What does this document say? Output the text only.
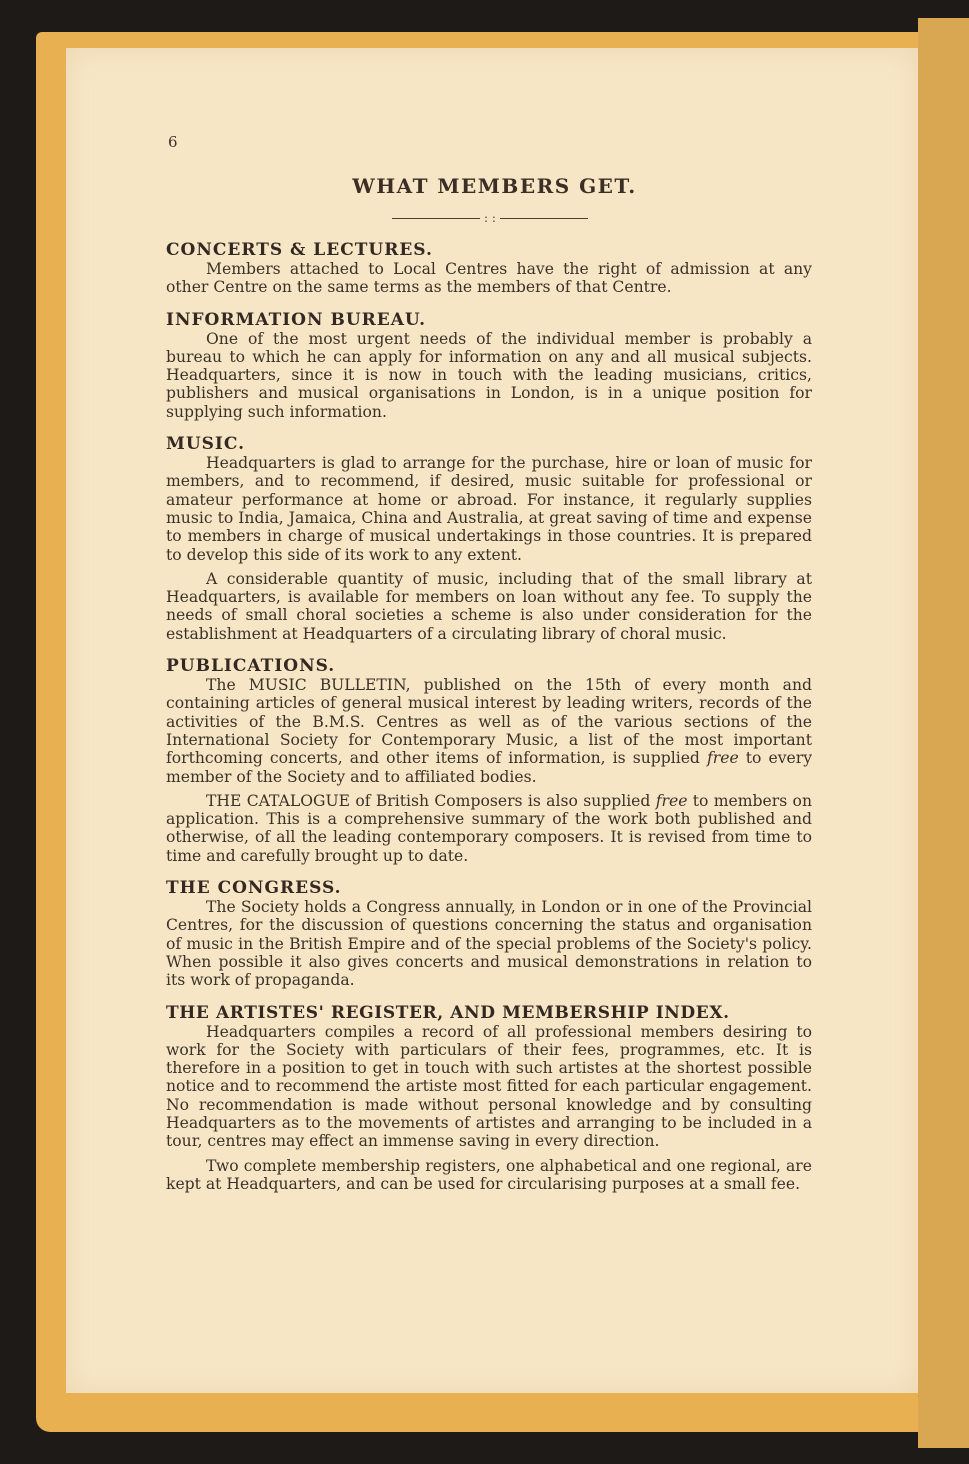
6
WHAT MEMBERS GET.
: :
CONCERTS & LECTURES.

Members attached to Local Centres have the right of admission at any other Centre on the same terms as the members of that Centre.

INFORMATION BUREAU.

One of the most urgent needs of the individual member is probably a bureau to which he can apply for information on any and all musical subjects. Headquarters, since it is now in touch with the leading musicians, critics, publishers and musical organisations in London, is in a unique position for supplying such information.

MUSIC.

Headquarters is glad to arrange for the purchase, hire or loan of music for members, and to recommend, if desired, music suitable for professional or amateur performance at home or abroad. For instance, it regularly supplies music to India, Jamaica, China and Australia, at great saving of time and expense to members in charge of musical undertakings in those countries. It is prepared to develop this side of its work to any extent.

A considerable quantity of music, including that of the small library at Headquarters, is available for members on loan without any fee. To supply the needs of small choral societies a scheme is also under consideration for the establishment at Headquarters of a circulating library of choral music.

PUBLICATIONS.

The MUSIC BULLETIN, published on the 15th of every month and containing articles of general musical interest by leading writers, records of the activities of the B.M.S. Centres as well as of the various sections of the International Society for Contemporary Music, a list of the most important forthcoming concerts, and other items of information, is supplied free to every member of the Society and to affiliated bodies.

THE CATALOGUE of British Composers is also supplied free to members on application. This is a comprehensive summary of the work both published and otherwise, of all the leading contemporary composers. It is revised from time to time and carefully brought up to date.

THE CONGRESS.

The Society holds a Congress annually, in London or in one of the Provincial Centres, for the discussion of questions concerning the status and organisation of music in the British Empire and of the special problems of the Society's policy. When possible it also gives concerts and musical demonstrations in relation to its work of propaganda.

THE ARTISTES' REGISTER, AND MEMBERSHIP INDEX.

Headquarters compiles a record of all professional members desiring to work for the Society with particulars of their fees, programmes, etc. It is therefore in a position to get in touch with such artistes at the shortest possible notice and to recommend the artiste most fitted for each particular engagement. No recommendation is made without personal knowledge and by consulting Headquarters as to the movements of artistes and arranging to be included in a tour, centres may effect an immense saving in every direction.

Two complete membership registers, one alphabetical and one regional, are kept at Headquarters, and can be used for circularising purposes at a small fee.
